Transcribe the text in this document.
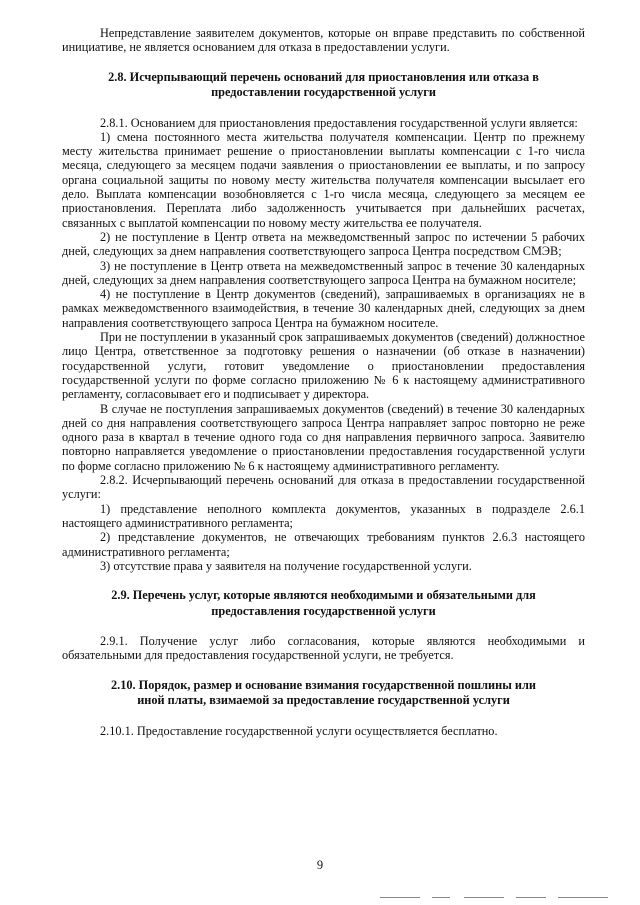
Непредставление заявителем документов, которые он вправе представить по собственной инициативе, не является основанием для отказа в предоставлении услуги.

2.8. Исчерпывающий перечень оснований для приостановления или отказа в предоставлении государственной услуги

2.8.1. Основанием для приостановления предоставления государственной услуги является:

1) смена постоянного места жительства получателя компенсации. Центр по прежнему месту жительства принимает решение о приостановлении выплаты компенсации с 1-го числа месяца, следующего за месяцем подачи заявления о приостановлении ее выплаты, и по запросу органа социальной защиты по новому месту жительства получателя компенсации высылает его дело. Выплата компенсации возобновляется с 1-го числа месяца, следующего за месяцем ее приостановления. Переплата либо задолженность учитывается при дальнейших расчетах, связанных с выплатой компенсации по новому месту жительства ее получателя.

2) не поступление в Центр ответа на межведомственный запрос по истечении 5 рабочих дней, следующих за днем направления соответствующего запроса Центра посредством СМЭВ;

3) не поступление в Центр ответа на межведомственный запрос в течение 30 календарных дней, следующих за днем направления соответствующего запроса Центра на бумажном носителе;

4) не поступление в Центр документов (сведений), запрашиваемых в организациях не в рамках межведомственного взаимодействия, в течение 30 календарных дней, следующих за днем направления соответствующего запроса Центра на бумажном носителе.

При не поступлении в указанный срок запрашиваемых документов (сведений) должностное лицо Центра, ответственное за подготовку решения о назначении (об отказе в назначении) государственной услуги, готовит уведомление о приостановлении предоставления государственной услуги по форме согласно приложению № 6 к настоящему административного регламенту, согласовывает его и подписывает у директора.

В случае не поступления запрашиваемых документов (сведений) в течение 30 календарных дней со дня направления соответствующего запроса Центра направляет запрос повторно не реже одного раза в квартал в течение одного года со дня направления первичного запроса. Заявителю повторно направляется уведомление о приостановлении предоставления государственной услуги по форме согласно приложению № 6 к настоящему административного регламенту.

2.8.2. Исчерпывающий перечень оснований для отказа в предоставлении государственной услуги:

1) представление неполного комплекта документов, указанных в подразделе 2.6.1 настоящего административного регламента;

2) представление документов, не отвечающих требованиям пунктов 2.6.3 настоящего административного регламента;

3) отсутствие права у заявителя на получение государственной услуги.

2.9. Перечень услуг, которые являются необходимыми и обязательными для предоставления государственной услуги

2.9.1. Получение услуг либо согласования, которые являются необходимыми и обязательными для предоставления государственной услуги, не требуется.

2.10. Порядок, размер и основание взимания государственной пошлины или иной платы, взимаемой за предоставление государственной услуги

2.10.1. Предоставление государственной услуги осуществляется бесплатно.

9
